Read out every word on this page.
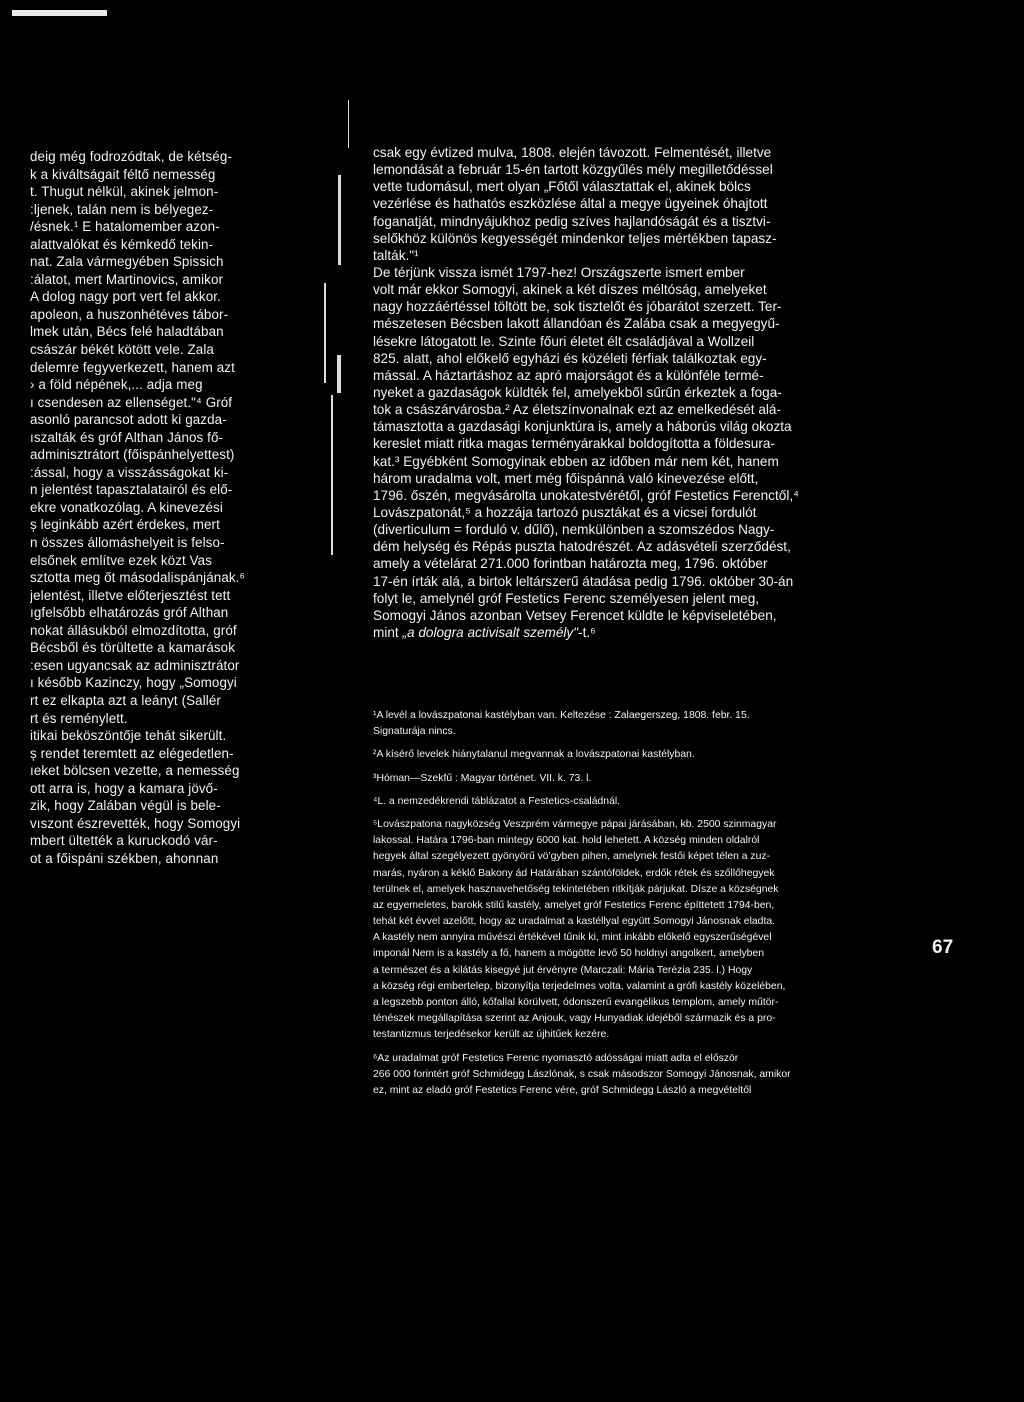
deig még fodrozódtak, de kétség-
k a kiváltságait féltő nemesség
t. Thugut nélkül, akinek jelmon-
:ljenek, talán nem is bélyegez-
/ésnek.¹ E hatalomember azon-
alattvalókat és kémkedő tekin-
nat. Zala vármegyében Spissich
:álatot, mert Martinovics, amikor
A dolog nagy port vert fel akkor.
apoleon, a huszonhétéves tábor-
lmek után, Bécs felé haladtában
császár békét kötött vele. Zala
delemre fegyverkezett, hanem azt
› a föld népének,... adja meg
ı csendesen az ellenséget."⁴ Gróf
asonló parancsot adott ki gazda-
ıszalták és gróf Althan János fő-
adminisztrátort (főispánhelyettest)
:ással, hogy a visszásságokat ki-
n jelentést tapasztalatairól és elő-
ekre vonatkozólag. A kinevezési
ș leginkább azért érdekes, mert
n összes állomáshelyeit is felso-
elsőnek említve ezek közt Vas
sztotta meg őt másodalispánjának.⁶
jelentést, illetve előterjesztést tett
ıgfelsőbb elhatározás gróf Althan
nokat állásukból elmozdította, gróf
Bécsből és törültette a kamarások
:esen ugyancsak az adminisztrátor
ı később Kazinczy, hogy „Somogyi
rt ez elkapta azt a leányt (Sallér
rt és reménylett.
itikai beköszöntője tehát sikerült.
ș rendet teremtett az elégedetlen-
ıeket bölcsen vezette, a nemesség
ott arra is, hogy a kamara jövő-
zik, hogy Zalában végül is bele-
vıszont észrevették, hogy Somogyi
mbert ültették a kuruckodó vár-
ot a főispáni székben, ahonnan
csak egy évtized mulva, 1808. elején távozott. Felmentését, illetve
lemondását a február 15-én tartott közgyűlés mély megilletődéssel
vette tudomásul, mert olyan „Főtől választattak el, akinek bölcs
vezérlése és hathatós eszközlése által a megye ügyeinek óhajtott
foganatját, mindnyájukhoz pedig szíves hajlandóságát és a tisztvi-
selőkhöz különös kegyességét mindenkor teljes mértékben tapasz-
talták."¹
De térjünk vissza ismét 1797-hez! Országszerte ismert ember
volt már ekkor Somogyi, akinek a két díszes méltóság, amelyeket
nagy hozzáértéssel töltött be, sok tisztelőt és jóbarátot szerzett. Ter-
mészetesen Bécsben lakott állandóan és Zalába csak a megyegyű-
lésekre látogatott le. Szinte főuri életet élt családjával a Wollzeil
825. alatt, ahol előkelő egyházi és közéleti férfiak találkoztak egy-
mással. A háztartáshoz az apró majorságot és a különféle termé-
nyeket a gazdaságok küldték fel, amelyekből sűrűn érkeztek a foga-
tok a császárvárosba.² Az életszínvonalnak ezt az emelkedését alá-
támasztotta a gazdasági konjunktúra is, amely a háborús világ okozta
kereslet miatt ritka magas terményárakkal boldogította a földesura-
kat.³ Egyébként Somogyinak ebben az időben már nem két, hanem
három uradalma volt, mert még főispánná való kinevezése előtt,
1796. őszén, megvásárolta unokatestvérétől, gróf Festetics Ferenctől,⁴
Lovászpatonát,⁵ a hozzája tartozó pusztákat és a vicsei fordulót
(diverticulum = forduló v. dűlő), nemkülönben a szomszédos Nagy-
dém helység és Répás puszta hatodrészét. Az adásvételi szerződést,
amely a vételárat 271.000 forintban határozta meg, 1796. október
17-én írták alá, a birtok leltárszerű átadása pedig 1796. október 30-án
folyt le, amelynél gróf Festetics Ferenc személyesen jelent meg,
Somogyi János azonban Vetsey Ferencet küldte le képviseletében,
mint „a dologra activisalt személy"-t.⁶
¹A levél a lovászpatonai kastélyban van. Keltezése : Zalaegerszeg, 1808. febr. 15.
Signaturája nincs.
²A kísérő levelek hiánytalanul megvannak a lovászpatonai kastélyban.
³Hóman—Szekfű : Magyar történet. VII. k. 73. l.
⁴L. a nemzedékrendi táblázatot a Festetics-családnál.
⁵Lovászpatona nagyközség Veszprém vármegye pápai járásában, kb. 2500 szinmagyar
lakossal. Határa 1796-ban mintegy 6000 kat. hold lehetett. A község minden oldalról
hegyek által szegélyezett gyönyörű vö'gyben pihen, amelynek festői képet télen a zuz-
marás, nyáron a kéklő Bakony ád Határában szántóföldek, erdők rétek és szőllőhegyek
terülnek el, amelyek hasznavehetőség tekintetében ritkítják párjukat. Dísze a községnek
az egyemeletes, barokk stilű kastély, amelyet gróf Festetics Ferenc építtetett 1794-ben,
tehát két évvel azelőtt, hogy az uradalmat a kastéllyal együtt Somogyi Jánosnak eladta.
A kastély nem annyira művészi értékével tűnik ki, mint inkább előkelő egyszerűségével
imponál Nem is a kastély a fő, hanem a mögötte levő 50 holdnyi angolkert, amelyben
a természet és a kilátás kisegyé jut érvényre (Marczali: Mária Terézia 235. l.) Hogy
a község régi embertelep, bizonyítja terjedelmes volta, valamint a grófi kastély közelében,
a legszebb ponton álló, kőfallal körülvett, ódonszerű evangélikus templom, amely műtör-
ténészek megállapítása szerint az Anjouk, vagy Hunyadiak idejéből származik és a pro-
testantizmus terjedésekor került az újhitűek kezére.
⁶Az uradalmat gróf Festetics Ferenc nyomasztó adósságai miatt adta el először
266 000 forintért gróf Schmidegg Lászlónak, s csak másodszor Somogyi Jánosnak, amikor
ez, mint az eladó gróf Festetics Ferenc vére, gróf Schmidegg László a megvételtől
67
